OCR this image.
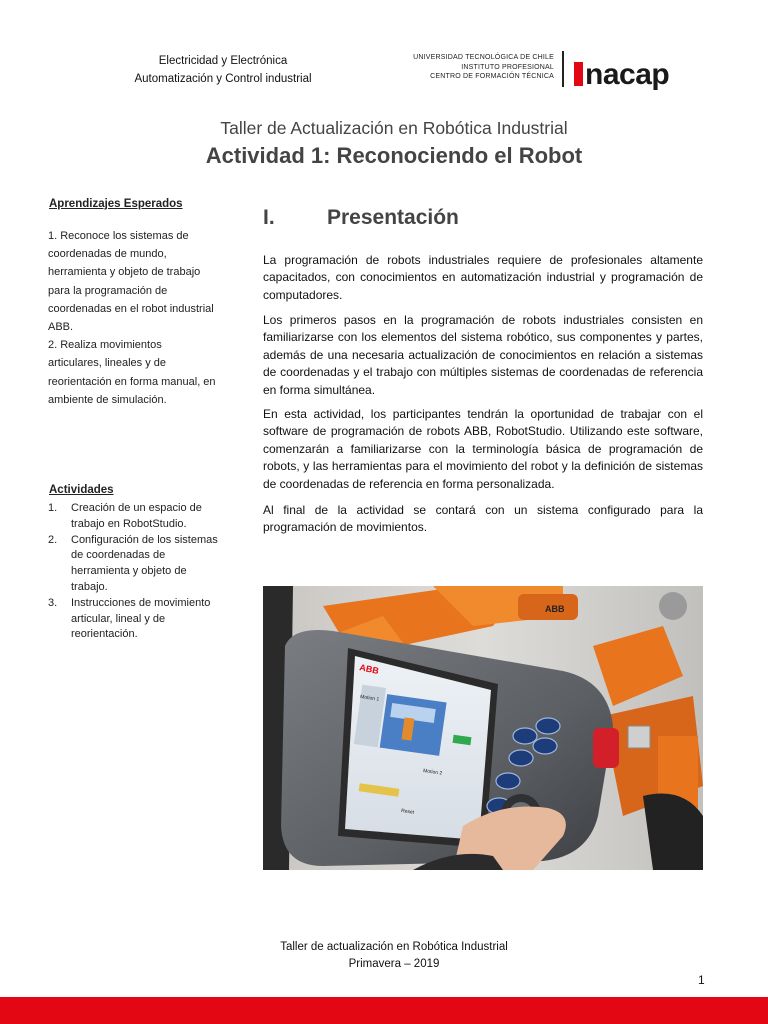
Electricidad y Electrónica
Automatización y Control industrial
UNIVERSIDAD TECNOLÓGICA DE CHILE
INSTITUTO PROFESIONAL
CENTRO DE FORMACIÓN TÉCNICA nacap
Taller de Actualización en Robótica Industrial
Actividad 1: Reconociendo el Robot
Aprendizajes Esperados
1. Reconoce los sistemas de coordenadas de mundo, herramienta y objeto de trabajo para la programación de coordenadas en el robot industrial ABB.
2. Realiza movimientos articulares, lineales y de reorientación en forma manual, en ambiente de simulación.
Actividades
1. Creación de un espacio de trabajo en RobotStudio.
2. Configuración de los sistemas de coordenadas de herramienta y objeto de trabajo.
3. Instrucciones de movimiento articular, lineal y de reorientación.
I. Presentación

La programación de robots industriales requiere de profesionales altamente capacitados, con conocimientos en automatización industrial y programación de computadores.

Los primeros pasos en la programación de robots industriales consisten en familiarizarse con los elementos del sistema robótico, sus componentes y partes, además de una necesaria actualización de conocimientos en relación a sistemas de coordenadas y el trabajo con múltiples sistemas de coordenadas de referencia en forma simultánea.

En esta actividad, los participantes tendrán la oportunidad de trabajar con el software de programación de robots ABB, RobotStudio. Utilizando este software, comenzarán a familiarizarse con la terminología básica de programación de robots, y las herramientas para el movimiento del robot y la definición de sistemas de coordenadas de referencia en forma personalizada.

Al final de la actividad se contará con un sistema configurado para la programación de movimientos.

ABB
ABB
Motion 1
Motion 2
Reset
Taller de actualización en Robótica Industrial
Primavera – 2019
1
